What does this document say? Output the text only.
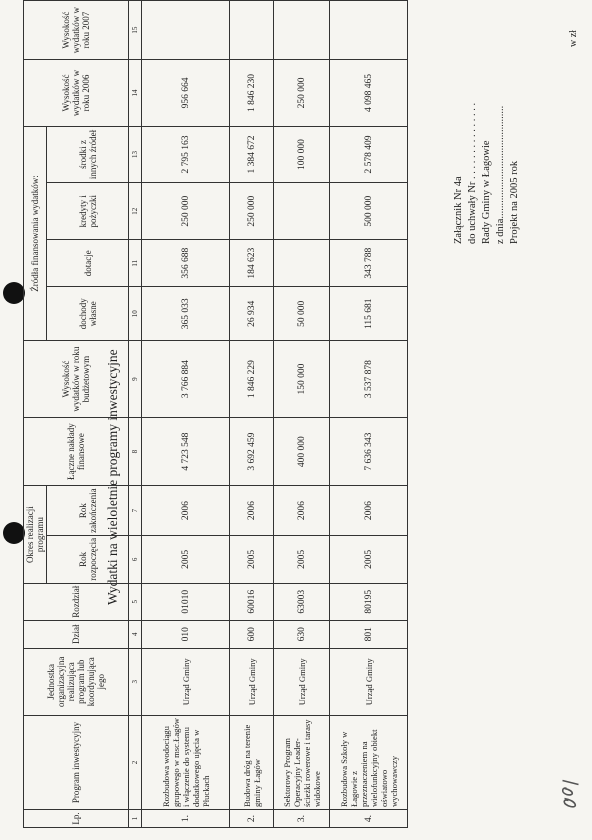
Wydatki na wieloletnie programy inwestycyjne
Załącznik Nr 4a do uchwały Nr . . . . . . . . . . . . . . . Rady Gminy w Łagowie z dnia........................................... Projekt na 2005 rok
w zł
Lp.	Program inwestycyjny	Jednostka organizacyjna realizująca program lub koordynująca jego	Dział	Rozdział	Okres realizacji programu		Łączne nakłady finansowe	Wysokość wydatków w roku budżetowym	Źródła finansowania wydatków:				Wysokość wydatków w roku 2006	Wysokość wydatków w roku 2007
					Rok rozpoczęcia	Rok zakończenia			dochody własne	dotacje	kredyty i pożyczki	środki z innych źródeł		

1	2	3	4	5	6	7	8	9	10	11	12	13	14	15
1.	Rozbudowa wodociągu grupowego w msc.Łagów i włączenie do systemu dodatkowego ujęcia w Płuckach	Urząd Gminy	010	01010	2005	2006	4 723 548	3 766 884	365 033	356 688	250 000	2 795 163	956 664	
2.	Budowa dróg na terenie gminy Łagów	Urząd Gminy	600	60016	2005	2006	3 692 459	1 846 229	26 934	184 623	250 000	1 384 672	1 846 230	
3.	Sektorowy Program Operacyjny Leader- ścieżki rowerowe i tarasy widokowe	Urząd Gminy	630	63003	2005	2006	400 000	150 000	50 000			100 000	250 000	
4.	Rozbudowa Szkoły w Łagowie z przeznaczeniem na wielofunkcyjny obiekt oświatowo wychowawczy	Urząd Gminy	801	80195	2005	2006	7 636 343	3 537 878	115 681	343 788	500 000	2 578 409	4 098 465	
